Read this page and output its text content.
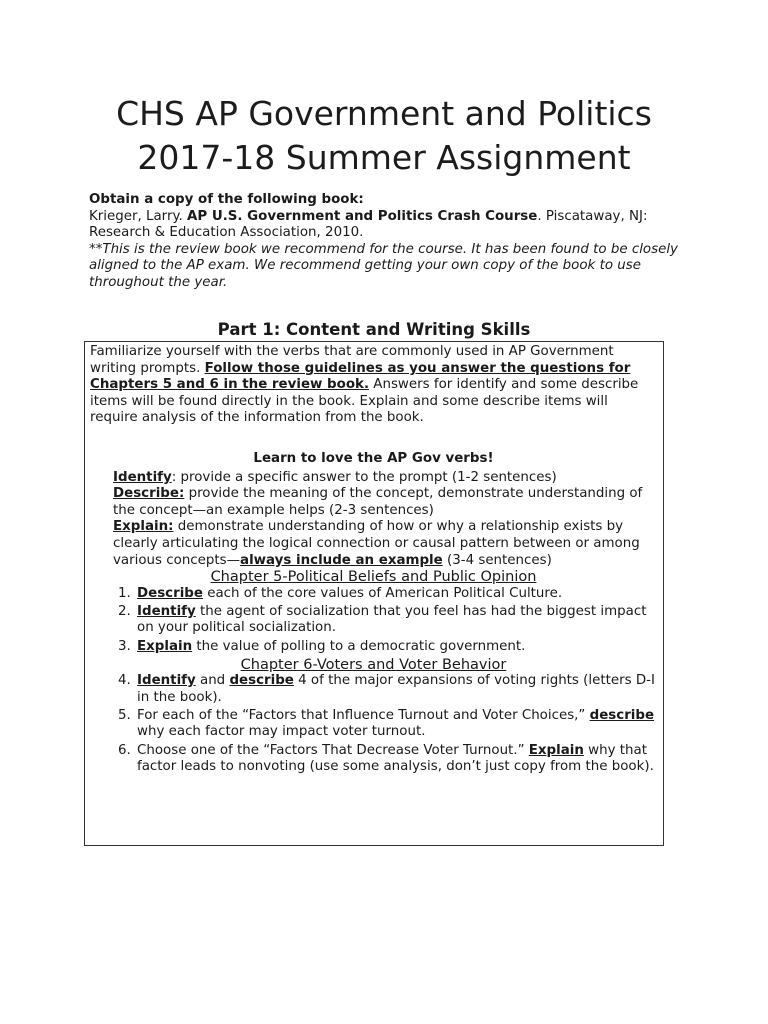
CHS AP Government and Politics
2017-18 Summer Assignment

Obtain a copy of the following book:

Krieger, Larry. AP U.S. Government and Politics Crash Course. Piscataway, NJ: Research & Education Association, 2010.

**This is the review book we recommend for the course. It has been found to be closely aligned to the AP exam. We recommend getting your own copy of the book to use throughout the year.

Part 1: Content and Writing Skills

Familiarize yourself with the verbs that are commonly used in AP Government writing prompts. Follow those guidelines as you answer the questions for Chapters 5 and 6 in the review book. Answers for identify and some describe items will be found directly in the book. Explain and some describe items will require analysis of the information from the book.

Learn to love the AP Gov verbs!

Identify: provide a specific answer to the prompt (1-2 sentences)
Describe: provide the meaning of the concept, demonstrate understanding of the concept—an example helps (2-3 sentences)
Explain: demonstrate understanding of how or why a relationship exists by clearly articulating the logical connection or causal pattern between or among various concepts—always include an example (3-4 sentences)

Chapter 5-Political Beliefs and Public Opinion

1. Describe each of the core values of American Political Culture.
2. Identify the agent of socialization that you feel has had the biggest impact on your political socialization.
3. Explain the value of polling to a democratic government.

Chapter 6-Voters and Voter Behavior

4. Identify and describe 4 of the major expansions of voting rights (letters D-I in the book).
5. For each of the “Factors that Influence Turnout and Voter Choices,” describe why each factor may impact voter turnout.
6. Choose one of the “Factors That Decrease Voter Turnout.” Explain why that factor leads to nonvoting (use some analysis, don’t just copy from the book).
